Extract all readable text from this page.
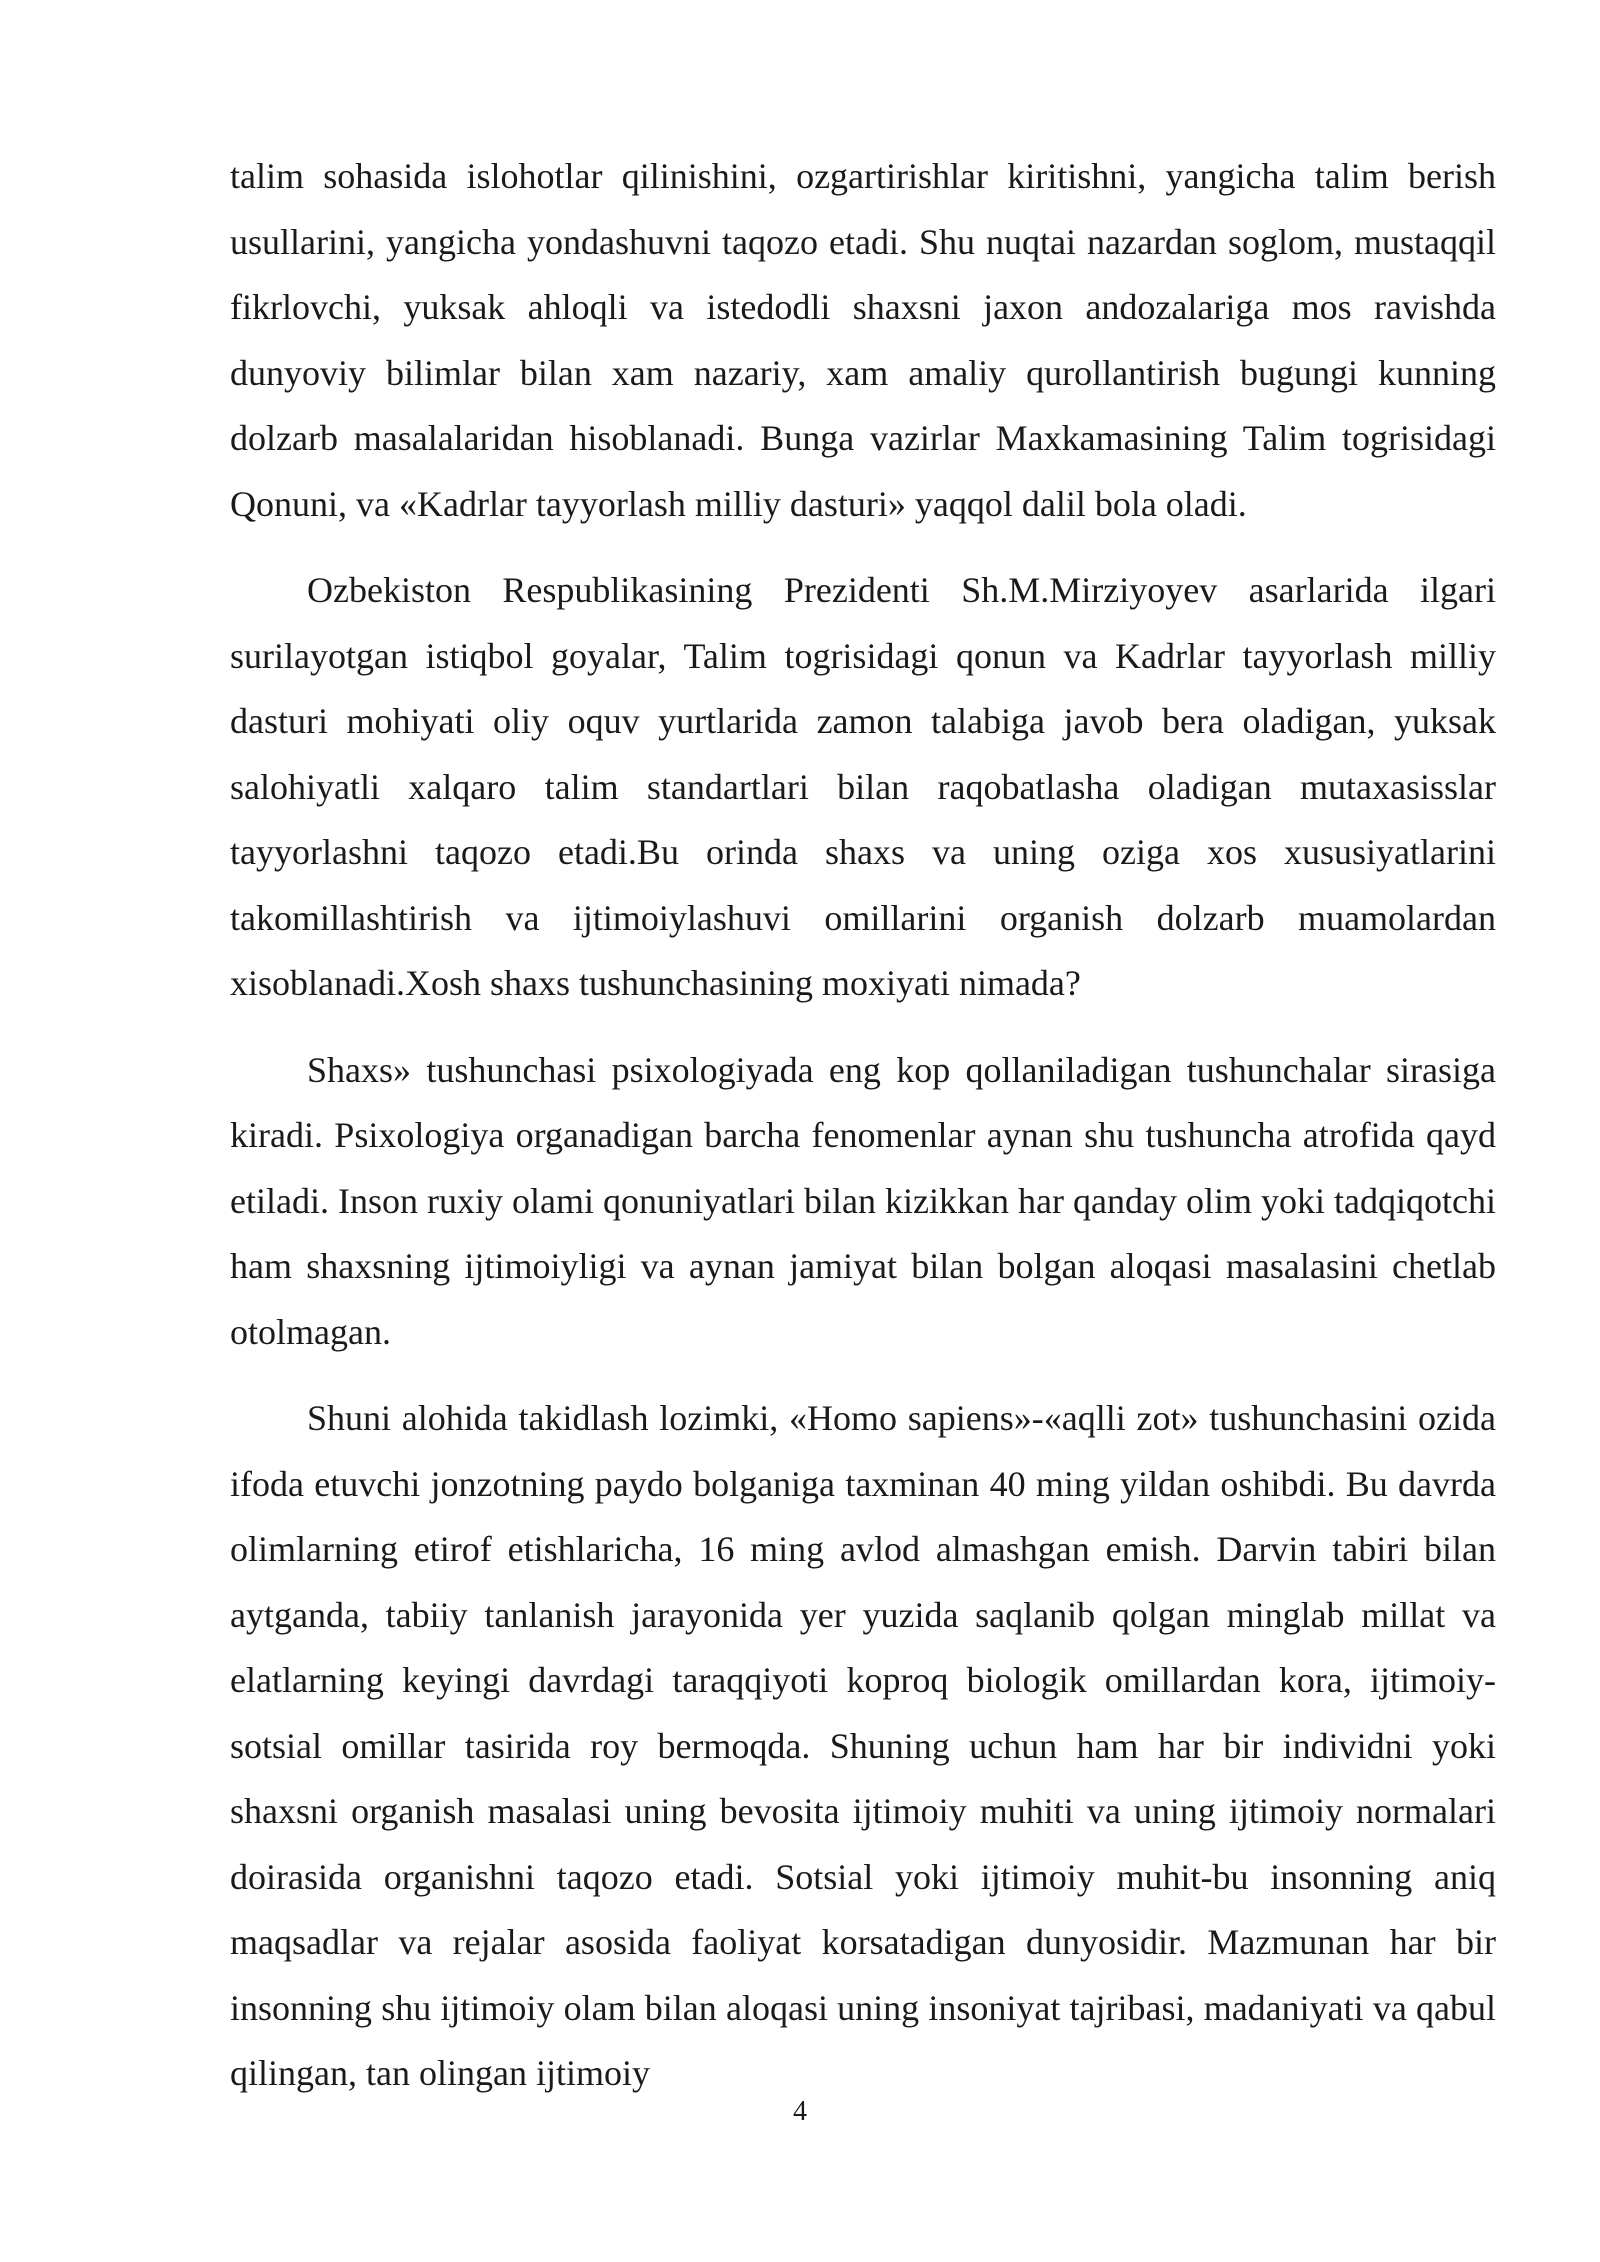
talim sohasida islohotlar qilinishini, ozgartirishlar kiritishni, yangicha talim berish usullarini, yangicha yondashuvni taqozo etadi. Shu nuqtai nazardan soglom, mustaqqil fikrlovchi, yuksak ahloqli va istedodli shaxsni jaxon andozalariga mos ravishda dunyoviy bilimlar bilan xam nazariy, xam amaliy qurollantirish bugungi kunning dolzarb masalalaridan hisoblanadi. Bunga vazirlar Maxkamasining Talim togrisidagi Qonuni, va «Kadrlar tayyorlash milliy dasturi» yaqqol dalil bola oladi.

Ozbekiston Respublikasining Prezidenti Sh.M.Mirziyoyev asarlarida ilgari surilayotgan istiqbol goyalar, Talim togrisidagi qonun va Kadrlar tayyorlash milliy dasturi mohiyati oliy oquv yurtlarida zamon talabiga javob bera oladigan, yuksak salohiyatli xalqaro talim standartlari bilan raqobatlasha oladigan mutaxasisslar tayyorlashni taqozo etadi.Bu orinda shaxs va uning oziga xos xususiyatlarini takomillashtirish va ijtimoiylashuvi omillarini organish dolzarb muamolardan xisoblanadi.Xosh shaxs tushunchasining moxiyati nimada?

Shaxs» tushunchasi psixologiyada eng kop qollaniladigan tushunchalar sirasiga kiradi. Psixologiya organadigan barcha fenomenlar aynan shu tushuncha atrofida qayd etiladi. Inson ruxiy olami qonuniyatlari bilan kizikkan har qanday olim yoki tadqiqotchi ham shaxsning ijtimoiyligi va aynan jamiyat bilan bolgan aloqasi masalasini chetlab otolmagan.

Shuni alohida takidlash lozimki, «Homo sapiens»-«aqlli zot» tushunchasini ozida ifoda etuvchi jonzotning paydo bolganiga taxminan 40 ming yildan oshibdi. Bu davrda olimlarning etirof etishlaricha, 16 ming avlod almashgan emish. Darvin tabiri bilan aytganda, tabiiy tanlanish jarayonida yer yuzida saqlanib qolgan minglab millat va elatlarning keyingi davrdagi taraqqiyoti koproq biologik omillardan kora, ijtimoiy-sotsial omillar tasirida roy bermoqda. Shuning uchun ham har bir individni yoki shaxsni organish masalasi uning bevosita ijtimoiy muhiti va uning ijtimoiy normalari doirasida organishni taqozo etadi. Sotsial yoki ijtimoiy muhit-bu insonning aniq maqsadlar va rejalar asosida faoliyat korsatadigan dunyosidir. Mazmunan har bir insonning shu ijtimoiy olam bilan aloqasi uning insoniyat tajribasi, madaniyati va qabul qilingan, tan olingan ijtimoiy

4
